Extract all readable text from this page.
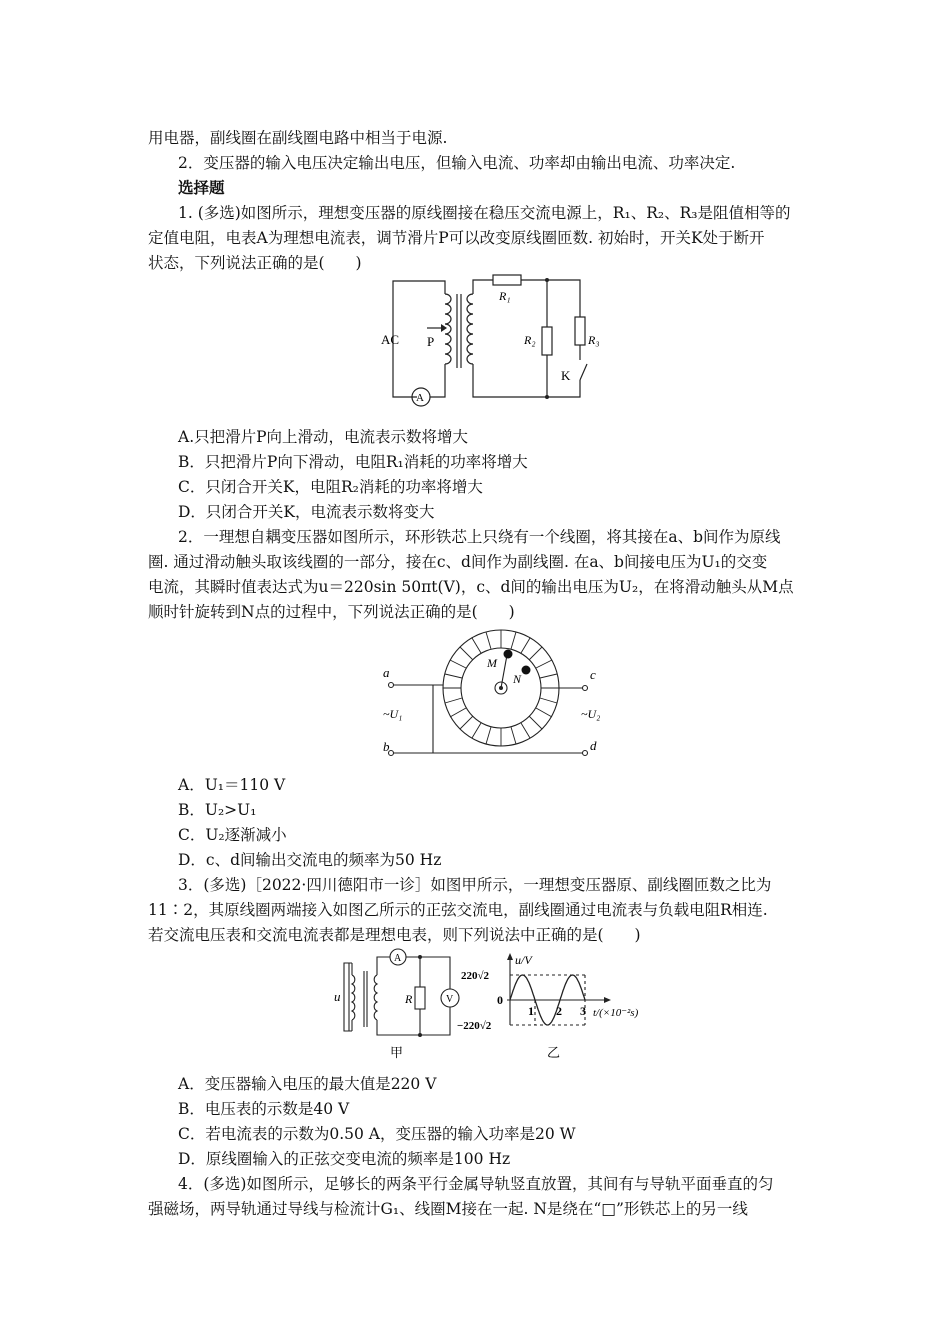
用电器，副线圈在副线圈电路中相当于电源.
2．变压器的输入电压决定输出电压，但输入电流、功率却由输出电流、功率决定.
选择题
1. (多选)如图所示，理想变压器的原线圈接在稳压交流电源上，R₁、R₂、R₃是阻值相等的
定值电阻，电表A为理想电流表，调节滑片P可以改变原线圈匝数. 初始时，开关K处于断开
状态，下列说法正确的是(　　)
AC P
A
R₁
R₂	R₃
K
A.只把滑片P向上滑动，电流表示数将增大
B．只把滑片P向下滑动，电阻R₁消耗的功率将增大
C．只闭合开关K，电阻R₂消耗的功率将增大
D．只闭合开关K，电流表示数将变大
2．一理想自耦变压器如图所示，环形铁芯上只绕有一个线圈，将其接在a、b间作为原线
圈. 通过滑动触头取该线圈的一部分，接在c、d间作为副线圈. 在a、b间接电压为U₁的交变
电流，其瞬时值表达式为u＝220sin 50πt(V)，c、d间的输出电压为U₂，在将滑动触头从M点
顺时针旋转到N点的过程中，下列说法正确的是(　　)
a
b
c
d
~U₁	~U₂
M
N
A．U₁＝110 V
B．U₂>U₁
C．U₂逐渐减小
D．c、d间输出交流电的频率为50 Hz
3．(多选)［2022·四川德阳市一诊］如图甲所示，一理想变压器原、副线圈匝数之比为
11∶2，其原线圈两端接入如图乙所示的正弦交流电，副线圈通过电流表与负载电阻R相连.
若交流电压表和交流电流表都是理想电表，则下列说法中正确的是(　　)
u	R
A
V
甲
u/V
t/(×10⁻²s)
220√2
−220√2
0
1 2 3
乙
A．变压器输入电压的最大值是220 V
B．电压表的示数是40 V
C．若电流表的示数为0.50 A，变压器的输入功率是20 W
D．原线圈输入的正弦交变电流的频率是100 Hz
4．(多选)如图所示，足够长的两条平行金属导轨竖直放置，其间有与导轨平面垂直的匀
强磁场，两导轨通过导线与检流计G₁、线圈M接在一起. N是绕在“□”形铁芯上的另一线
